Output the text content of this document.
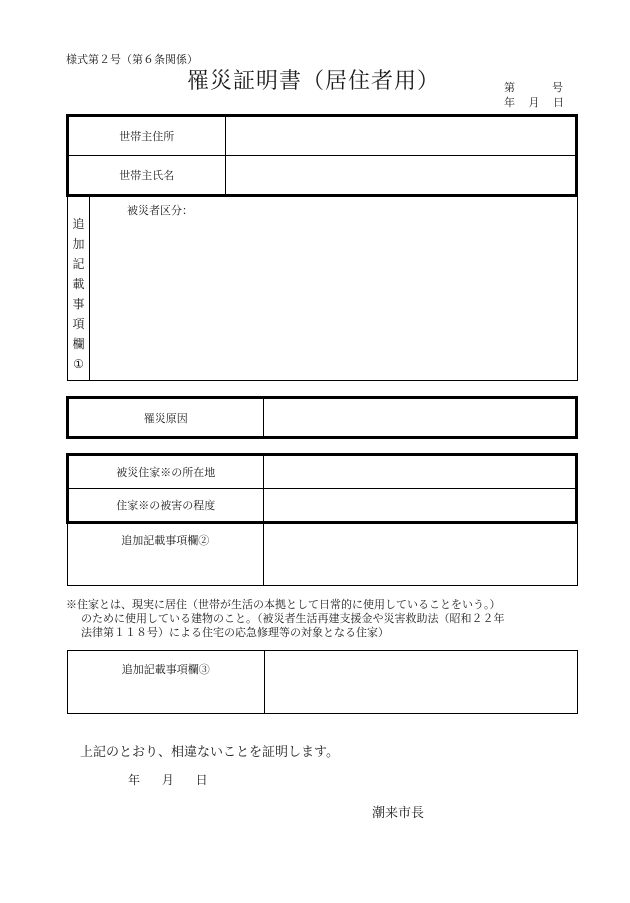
様式第２号（第６条関係）
罹災証明書（居住者用）	第	号
年 月 日
世帯主住所	
世帯主氏名	
追
加
記
載
事
項
欄
①
被災者区分：
罹災原因	
被災住家※の所在地	
住家※の被害の程度	
追加記載事項欄②	
※住家とは、現実に居住（世帯が生活の本拠として日常的に使用していることをいう。）
のために使用している建物のこと。（被災者生活再建支援金や災害救助法（昭和２２年
法律第１１８号）による住宅の応急修理等の対象となる住家）
追加記載事項欄③	
上記のとおり、相違ないことを証明します。
年 月 日
潮来市長
